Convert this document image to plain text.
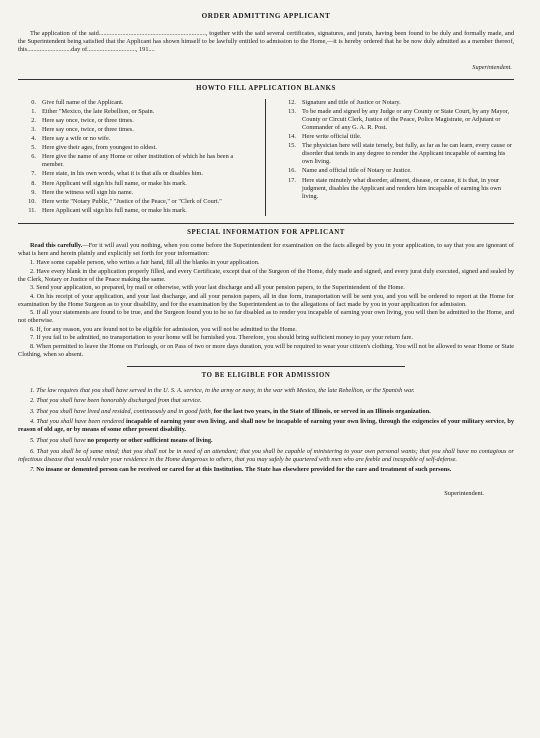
ORDER ADMITTING APPLICANT

The application of the said...................................................................., together with the said several certificates, signatures, and jurats, having been found to be duly and formally made, and the Superintendent being satisfied that the Applicant has shown himself to be lawfully entitled to admission to the Home,—it is hereby ordered that he be now duly admitted as a member thereof, this............................day of..............................., 191....

Superintendent.
HOWTO FILL APPLICATION BLANKS
0. Give full name of the Applicant.
1. Either "Mexico, the late Rebellion, or Spain.
2. Here say once, twice, or three times.
3. Here say once, twice, or three times.
4. Here say a wife or no wife.
5. Here give their ages, from youngest to oldest.
6. Here give the name of any Home or other institution of which he has been a member.
7. Here state, in his own words, what it is that ails or disables him.
8. Here Applicant will sign his full name, or make his mark.
9. Here the witness will sign his name.
10. Here write "Notary Public," "Justice of the Peace," or "Clerk of Court."
11. Here Applicant will sign his full name, or make his mark.
12. Signature and title of Justice or Notary.
13. To be made and signed by any Judge or any County or State Court, by any Mayor, County or Circuit Clerk, Justice of the Peace, Police Magistrate, or Adjutant or Commander of any G. A. R. Post.
14. Here write official title.
15. The physician here will state tersely, but fully, as far as he can learn, every cause or disorder that tends in any degree to render the Applicant incapable of earning his own living.
16. Name and official title of Notary or Justice.
17. Here state minutely what disorder, ailment, disease, or cause, it is that, in your judgment, disables the Applicant and renders him incapable of earning his own living.
SPECIAL INFORMATION FOR APPLICANT

Read this carefully.—For it will avail you nothing, when you come before the Superintendent for examination on the facts alleged by you in your application, to say that you are ignorant of what is here and herein plainly and explicitly set forth for your information:

1. Have some capable person, who writes a fair hand, fill all the blanks in your application.

2. Have every blank in the application properly filled, and every Certificate, except that of the Surgeon of the Home, duly made and signed, and every jurat duly executed, signed and sealed by the Clerk, Notary or Justice of the Peace making the same.

3. Send your application, so prepared, by mail or otherwise, with your last discharge and all your pension papers, to the Superintendent of the Home.

4. On his receipt of your application, and your last discharge, and all your pension papers, all in due form, transportation will be sent you, and you will be ordered to report at the Home for examination by the Home Surgeon as to your disability, and for the examination by the Superintendent as to the allegations of fact made by you in your application for admission.

5. If all your statements are found to be true, and the Surgeon found you to be so far disabled as to render you incapable of earning your own living, you will then be admitted to the Home, and not otherwise.

6. If, for any reason, you are found not to be eligible for admission, you will not be admitted to the Home.

7. If you fail to be admitted, no transportation to your home will be furnished you. Therefore, you should bring sufficient money to pay your return fare.

8. When permitted to leave the Home on Furlough, or on Pass of two or more days duration, you will be required to wear your citizen's clothing. You will not be allowed to wear Home or State Clothing, when so absent.

TO BE ELIGIBLE FOR ADMISSION

1. The law requires that you shall have served in the U. S. A. service, in the army or navy, in the war with Mexico, the late Rebellion, or the Spanish war.

2. That you shall have been honorably discharged from that service.

3. That you shall have lived and resided, continuously and in good faith, for the last two years, in the State of Illinois, or served in an Illinois organization.

4. That you shall have been rendered incapable of earning your own living, and shall now be incapable of earning your own living, through the exigencies of your military service, by reason of old age, or by means of some other present disability.

5. That you shall have no property or other sufficient means of living.

6. That you shall be of same mind; that you shall not be in need of an attendant; that you shall be capable of ministering to your own personal wants; that you shall have no contagious or infectious disease that would render your residence in the Home dangerous to others, that you may safely be quartered with men who are feeble and incapable of self-defense.

7. No insane or demented person can be received or cared for at this Institution. The State has elsewhere provided for the care and treatment of such persons.

Superintendent.
